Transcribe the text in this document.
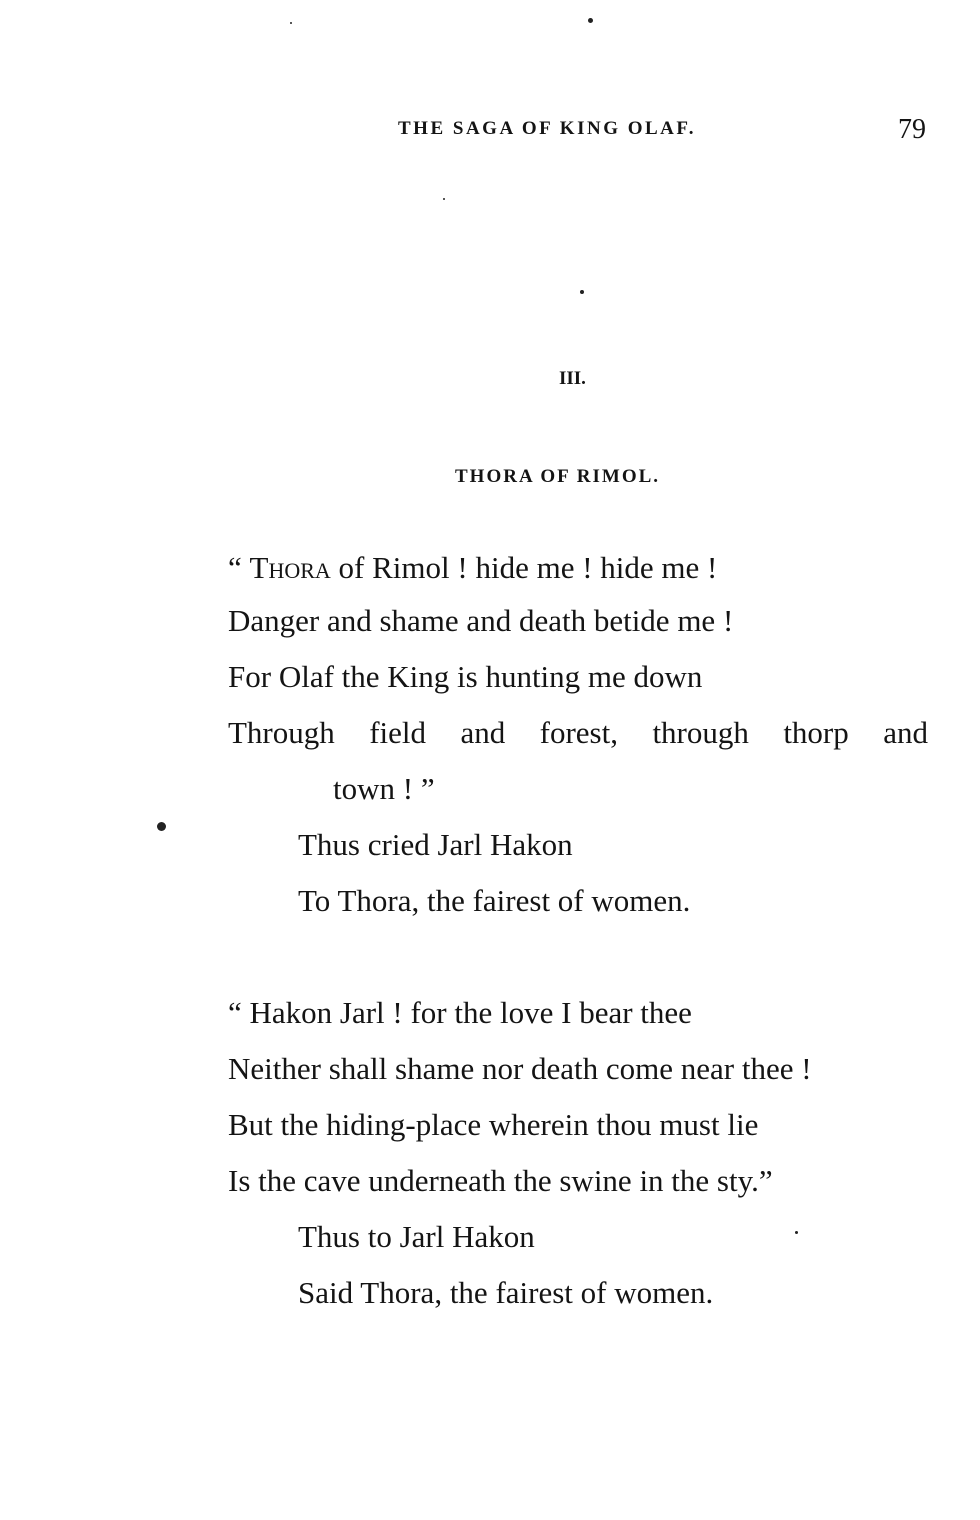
THE SAGA OF KING OLAF.	79
III.
THORA OF RIMOL.
“ Thora of Rimol ! hide me ! hide me !
Danger and shame and death betide me !
For Olaf the King is hunting me down
Through field and forest, through thorp and
town ! ”
Thus cried Jarl Hakon
To Thora, the fairest of women.
“ Hakon Jarl ! for the love I bear thee
Neither shall shame nor death come near thee !
But the hiding-place wherein thou must lie
Is the cave underneath the swine in the sty.”
Thus to Jarl Hakon
Said Thora, the fairest of women.
